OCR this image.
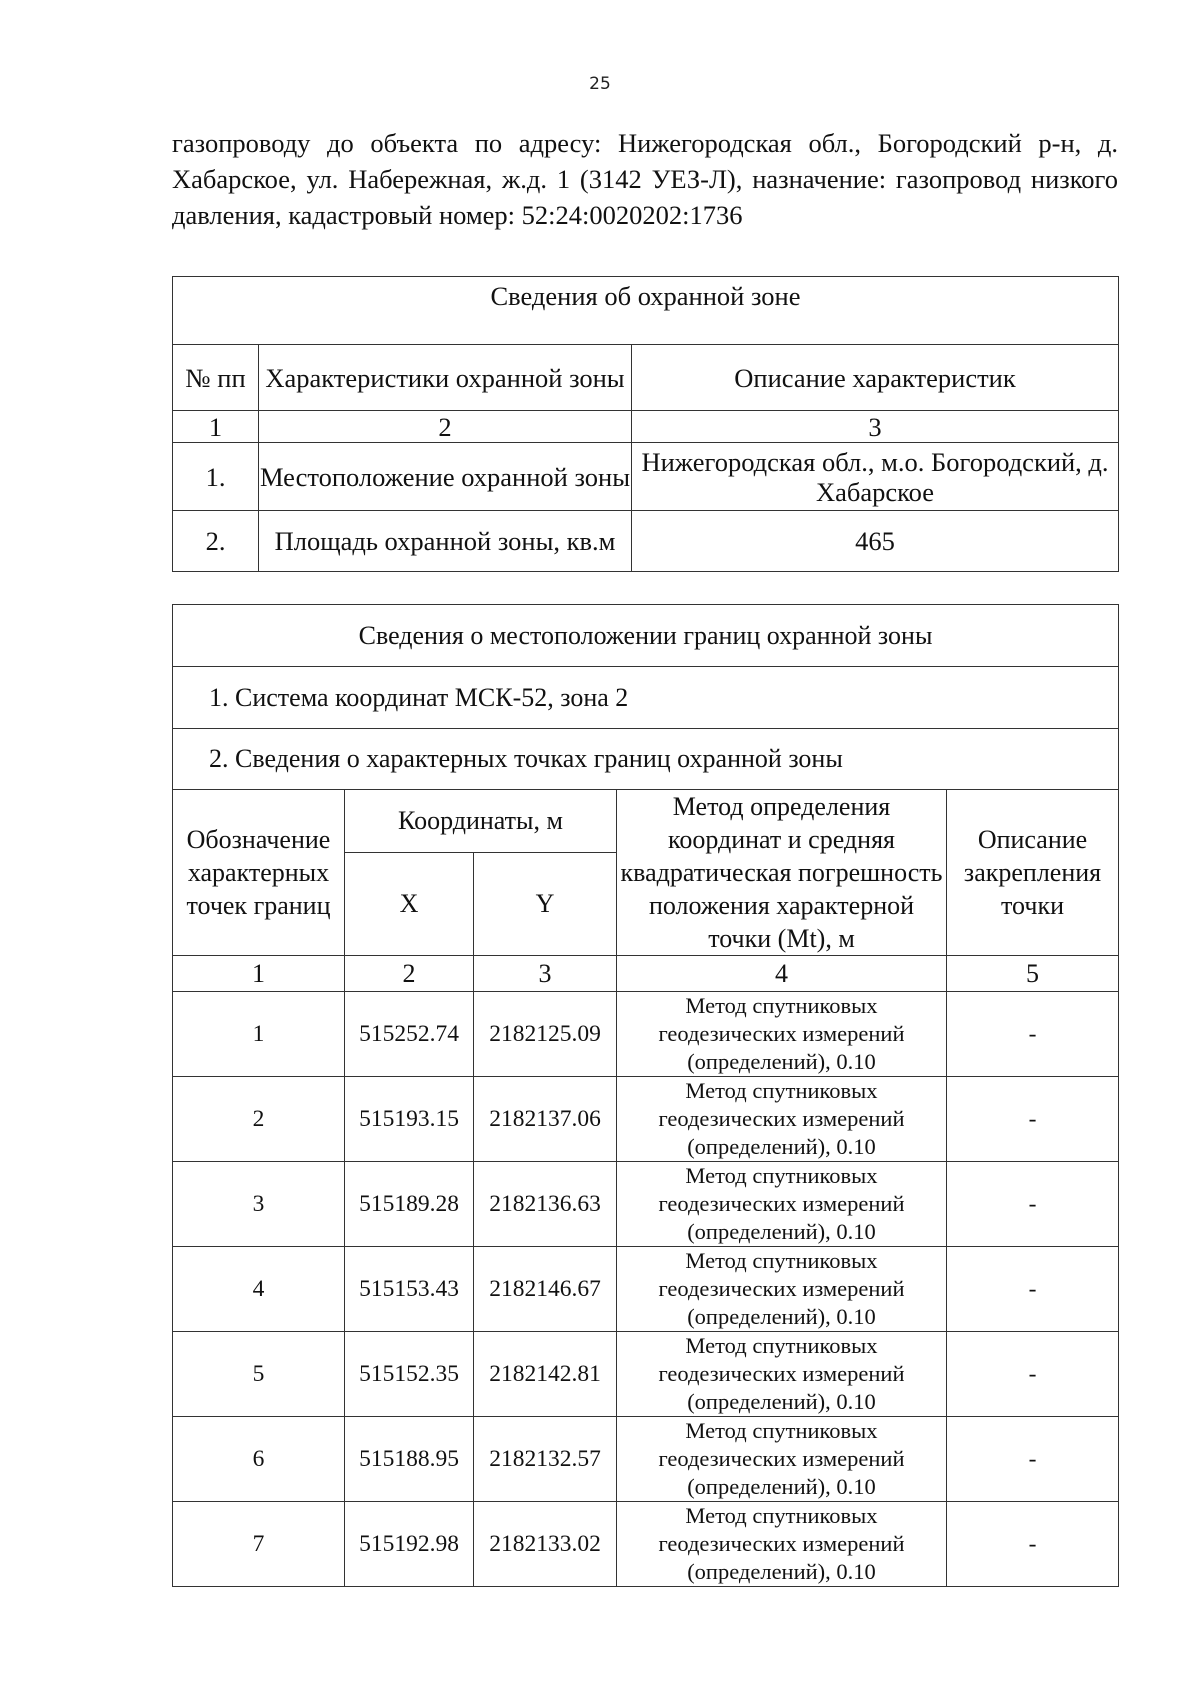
25

газопроводу до объекта по адресу: Нижегородская обл., Богородский р-н, д. Хабарское, ул. Набережная, ж.д. 1 (3142 УЕЗ-Л), назначение: газопровод низкого давления, кадастровый номер: 52:24:0020202:1736

Сведения об охранной зоне		
№ пп	Характеристики охранной зоны	Описание характеристик
1	2	3
1.	Местоположение охранной зоны	Нижегородская обл., м.о. Богородский, д. Хабарское
2.	Площадь охранной зоны, кв.м	465
Сведения о местоположении границ охранной зоны				
1. Система координат МСК-52, зона 2				
2. Сведения о характерных точках границ охранной зоны				
Обозначение характерных точек границ	Координаты, м		Метод определения координат и средняя квадратическая погрешность положения характерной точки (Mt), м	Описание закрепления точки
	X	Y		
1	2	3	4	5
1	515252.74	2182125.09	Метод спутниковых геодезических измерений (определений), 0.10	-
2	515193.15	2182137.06	Метод спутниковых геодезических измерений (определений), 0.10	-
3	515189.28	2182136.63	Метод спутниковых геодезических измерений (определений), 0.10	-
4	515153.43	2182146.67	Метод спутниковых геодезических измерений (определений), 0.10	-
5	515152.35	2182142.81	Метод спутниковых геодезических измерений (определений), 0.10	-
6	515188.95	2182132.57	Метод спутниковых геодезических измерений (определений), 0.10	-
7	515192.98	2182133.02	Метод спутниковых геодезических измерений (определений), 0.10	-
